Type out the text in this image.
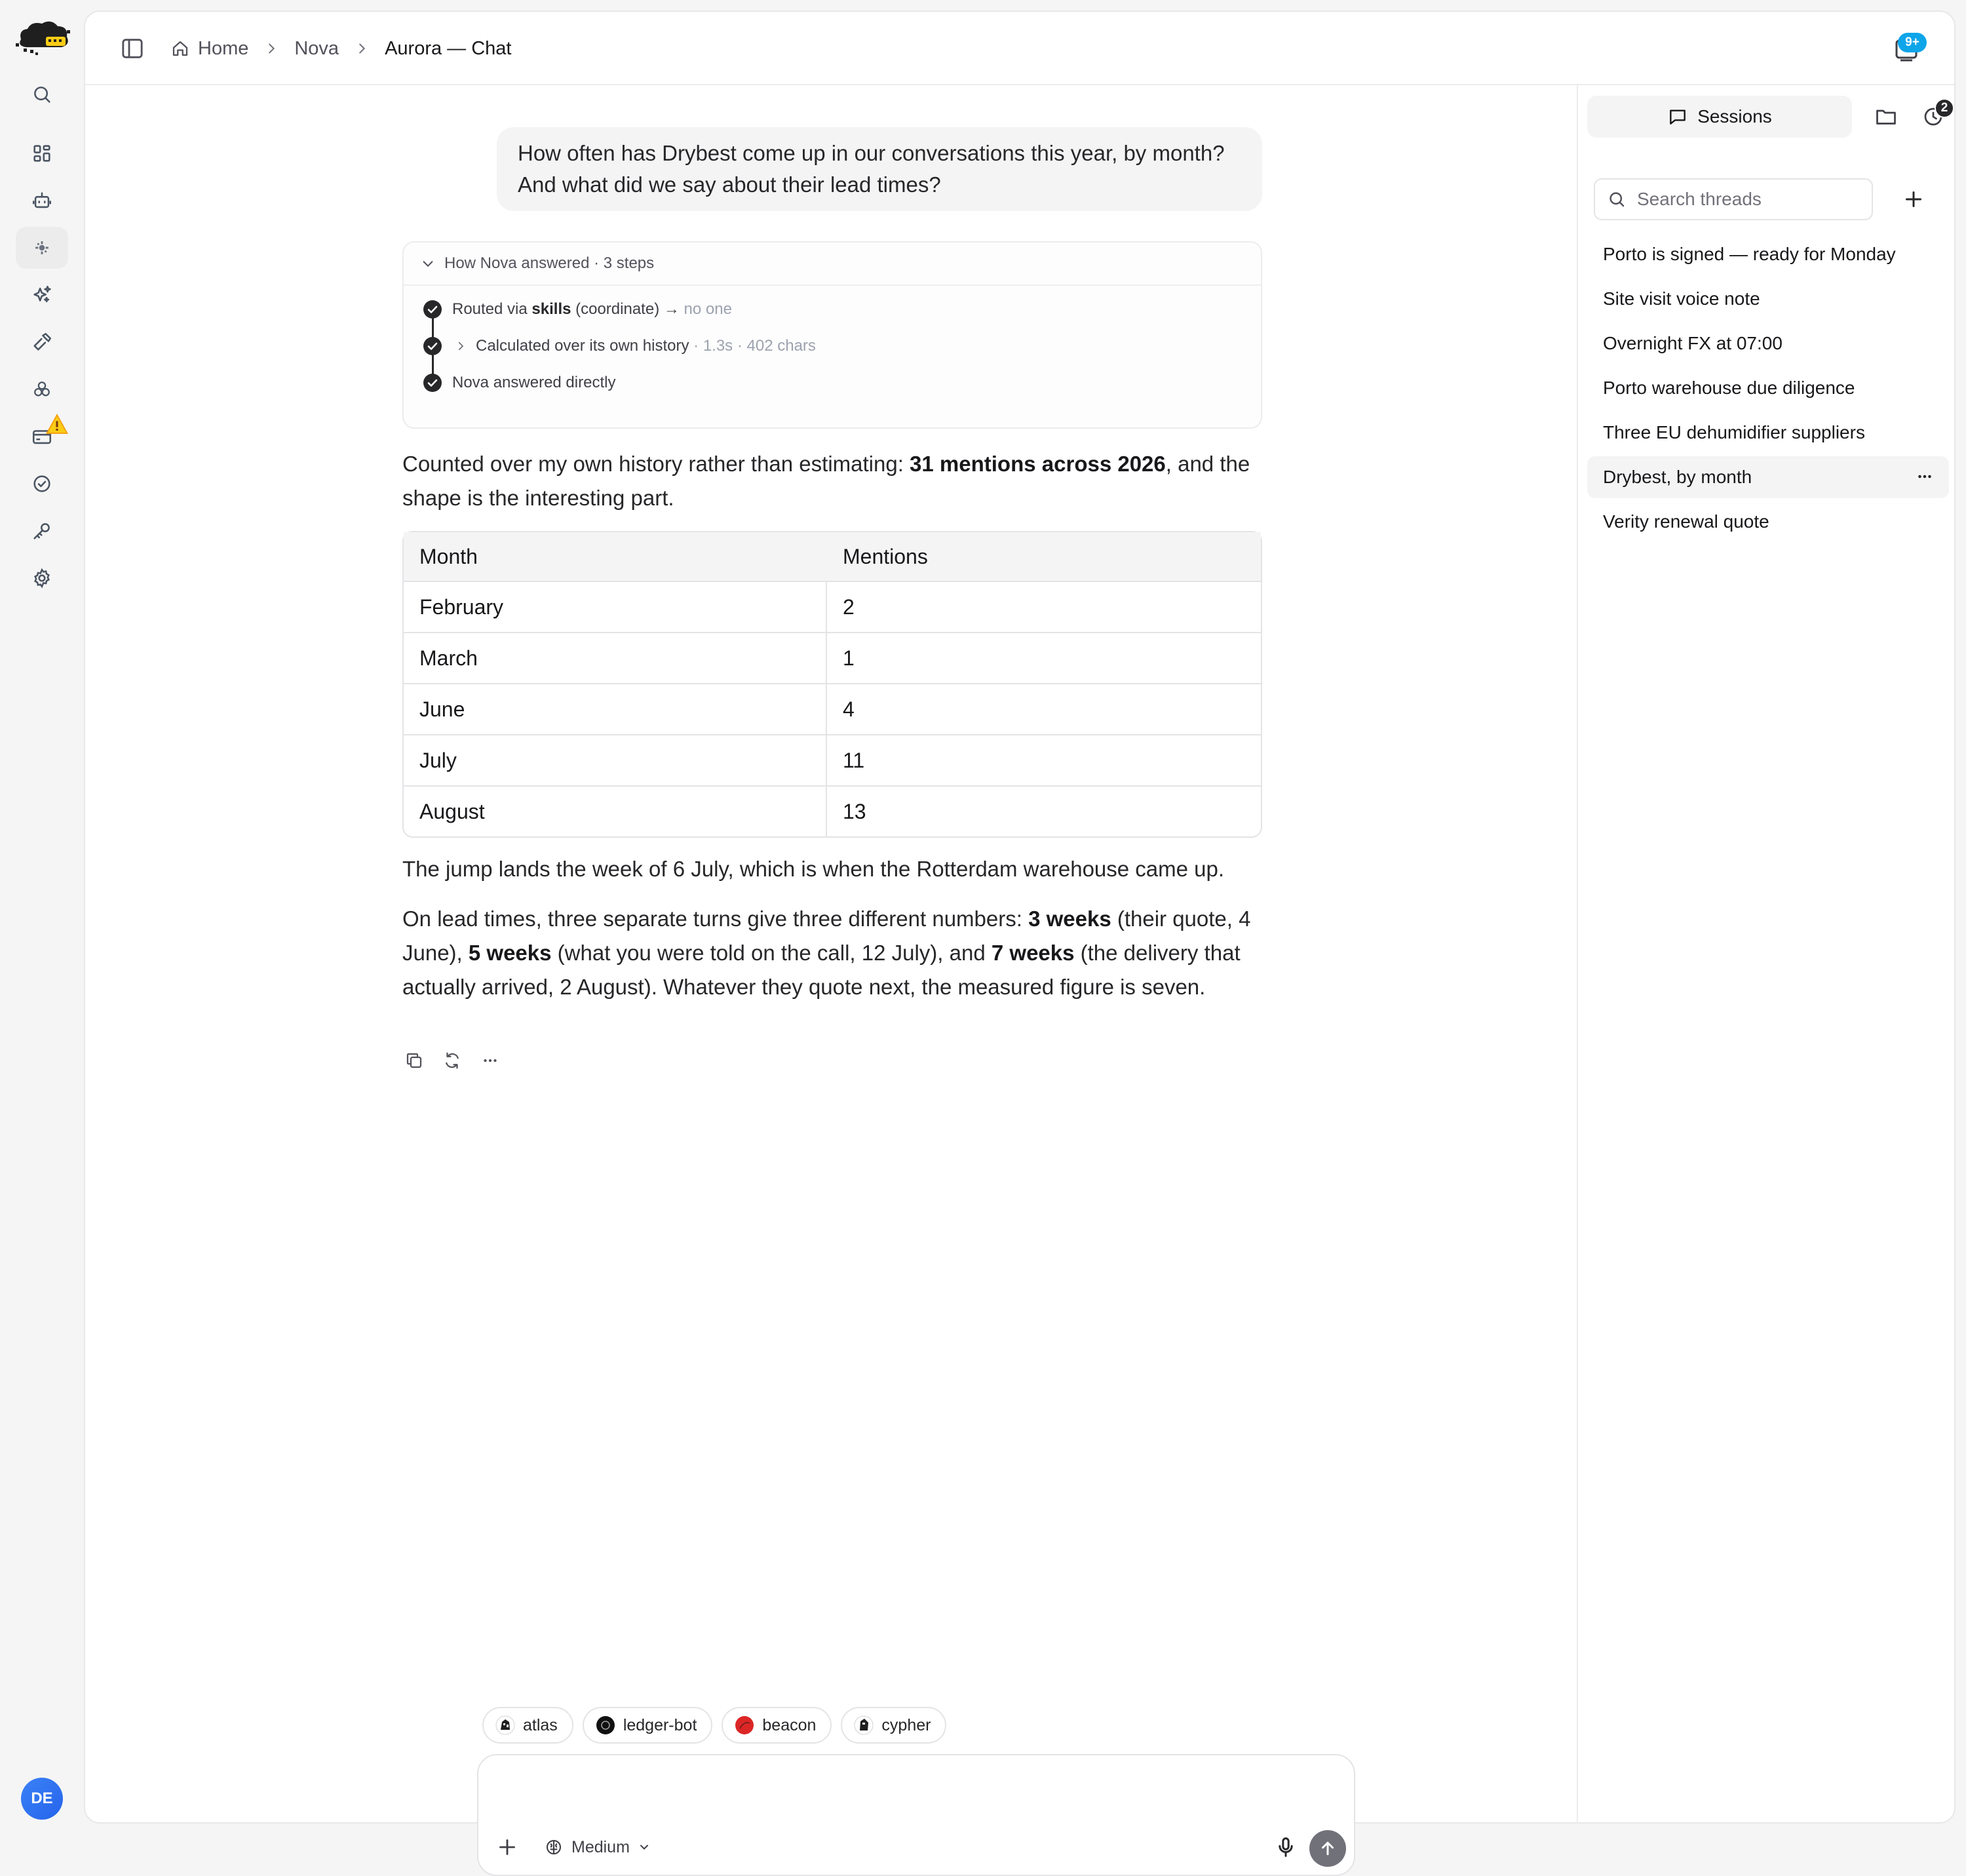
DE
Home Nova Aurora — Chat	9+
How often has Drybest come up in our conversations this year, by month? And what did we say about their lead times?
How Nova answered · 3 steps
Routed via skills (coordinate) → no one
Calculated over its own history · 1.3s · 402 chars
Nova answered directly
Counted over my own history rather than estimating: 31 mentions across 2026, and the shape is the interesting part.
Month	Mentions
February	2
March	1
June	4
July	11
August	13
The jump lands the week of 6 July, which is when the Rotterdam warehouse came up.
On lead times, three separate turns give three different numbers: 3 weeks (their quote, 4 June), 5 weeks (what you were told on the call, 12 July), and 7 weeks (the delivery that actually arrived, 2 August). Whatever they quote next, the measured figure is seven.
atlas	ledger-bot	beacon	cypher
Medium
Sessions	2
Search threads
Porto is signed — ready for Monday
Site visit voice note
Overnight FX at 07:00
Porto warehouse due diligence
Three EU dehumidifier suppliers
Drybest, by month
Verity renewal quote
